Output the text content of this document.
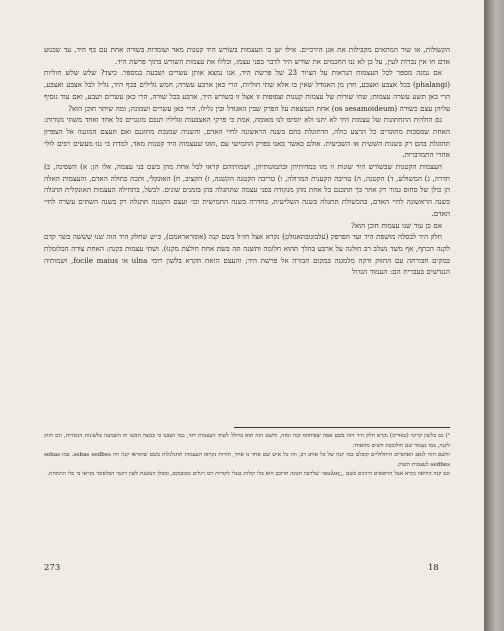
הקשׂוּלוֹת, או שוּר המתאים מקבּילות את אגן הירכיים. אילוּ יען כי העצמות בּשוֹרש היד קטנות מאד ועומדות בּשוּרה אחת עם כּף היד, עד שכּנוּע אדם חוֹ אין נכּרוֹת לעין, על כּן לא ננוּ החכמים את שוֹרש היד לדבר בּפני עצמו, וכללוּ את עצמות השורש בּתוך פּרשׂת היד.

אם נמנה מספּר לכל העצמות הנראות על הציור 23 של פּרשׂת היד, אנו נמצא אותן עשׂרים ושבעה במספּר. כיצד? שלש שלש חוליות (phalangi) בּכל אצבּע ואצבע, חוּץ מן האגוּדל שאין בּו אלא שתּי חוליות, הרי כּאן ארבּע עשׂרה; חמש גלילים בּכף היד, גליל לכל אצבּע ואצבּע, הרי כּאן תּשע עשׂרה עצמות; שתּי שׁוּרוֹת של עצמות קטנות וּצפוּפות זו אצל זו בּשוֹרש היד, ארבּע בּכל שׁוּרה, הרי כּאן עשׂרים ושבע, ואם עוד נוסיף עליהן עצם כּשׂוּרה (os sesamoideum) אחת הנמצאת על הפּרק שבּין האגוּדל וּבין גלילו, הרי כּאן עשׂרים ושמונה; וּמה שיּתר חוּכן הוּא?

גם הולדות התחתונות של עצמות היד לא יתנוּ ולא יוסיפוּ לנוּ מאוּמה, אמת כּי פּרקי האצבּעות וּגליליו תנכּם מונגרים כּל אחד ואחד משתּי נקודות: האחת שמּסכּות מתוּגדים כל הרצע כולה, הדתוּגלת בּחם בּשנה הראשונה לחיי האדם, והשניה שמנכּתּ מתוּגנם ואם תּעצם המונגה אל הצפּרוּן תּתוּגלת בּהם רק בּשנות השׁשית או השביעית. אולם כּאשר בּאנוּ בּפּרק החמישי עם ,תּוּגוּ שׁעצמות היד קטנות מאד, למדת כּי ננוּ מעשׂים רבּים לוּלי אחרי התמדבּרוּת.

העצמות הקטנות שבּשוֹרש היד שונות זו מזו בּמדותיהן וּבתמוּנותיהן, וּשמותיהם קראוּ לכל אחת מהן בּשם בּני עצמה, אלו הן: א) השפינה, בּ) חדרה, ג) המשוּלשׁ, ד) הקטנה, ה) טריבה הקענית המרוּלה, ו) טריבה הקטנה הקשׁנה, ז) הקציב, ח) האוּנקלי, וּתכת כּחוּלה האדם, והעצמות האלה הן כּולן של סחוּס גמור רק אחר כּך תּתכּנם כּל אחת מהן מנקודה בּפני עצמה שתּתגלה בּהן בּזמנים שונים. לכשׂל, בּתחילה העצמות האוּנקלית תּתגלה בּשנה הראשונה לחיי האדם, בּהכשׁולת תּתגלה בּשנה השלישית, בּחדרה בּשנה החמישית וכו׳ ועצם הקטנה תּתגלה רק בּשנה השתּים עשׂרה לחיי האדם.

אם כּן עוד שׁנוּ עצמות חוכן הוּא?

חלק היד לבסלה מוּשׁפת היד ועד הפּרפק (עלבוּגוּבּתּאגוּלגן) נקרא אצל חז״ל בּשם קנה (אוּמּראראמם), כּ״ש שחלק היד הזה שׁנוּ שׁשׁשה בּשׂר קדם לקנה הכתף, אף משׁד נשׁלב רבּ חוּלגה על ארבּע בּהלך תּהוּא חלוֹמה וּתשׁנה תּה בּשׂתּ אחת חולצת מקנוּ). וּשׁתּי עצמוּת בּקנה: האחת צוּרה הכּלומלת בּמקים חבּורתּה עם החזוּק וּדקה מלמטה בּמקום חבורה אל פּרשׁת היד; והעצם הזאת תּקרא בּלשׁון רוּמי ulna או focile maius, וּשמותיה הנגדשׁים בּעברית הם: העמוד הגדול

¹) גם בּלשׁון קריבי (כּאוּריבּ) נקרא חלק היד הזה בּשׁם אמּה שׁפּיחוּסוּ קנה וּמזה, והשׁם הזה תּוּא בּרוּלל לשׁתּי העצמות יחד, כּמו הצבּנוּ כּי כּמצה הבּשׁוּ הוּ השׁמעה בּלשׁונות הנזכּרות, הם חוּוק לקנה, כּמו נעמוד שׁם חוּלובבת חשׁים מהאחד.

והשׁם הזה לגאבּ האחבּיים היתלוּליים קובּלם כּמו קנה של כּל אוּתגּ רבּ, וזה כל איש שׁם אחד נוּ אחד, חוויות נקראו העצמות תּתגלגלות בּשׁם שׁתּוּראוּ קנה וזה sebas sedbes. כּמו sebas sedbes לעצמות השׁוק.

וּגם קנה הרוּאה נקרא אצל הרוּפאים היוונים בּשׁם ,,αυλος׳׳ שׁלרבּה תּנוּנה תּרוּבבּ הוּא כּלי קוּלות בּעלי לקוּרות רכּוּ רגלים מבּוּבּנקם, וּמכּלן העשׂנת לשׁון רוּגמי הכּלאומי נקראו בּי כּלי התתחת.

273	18
